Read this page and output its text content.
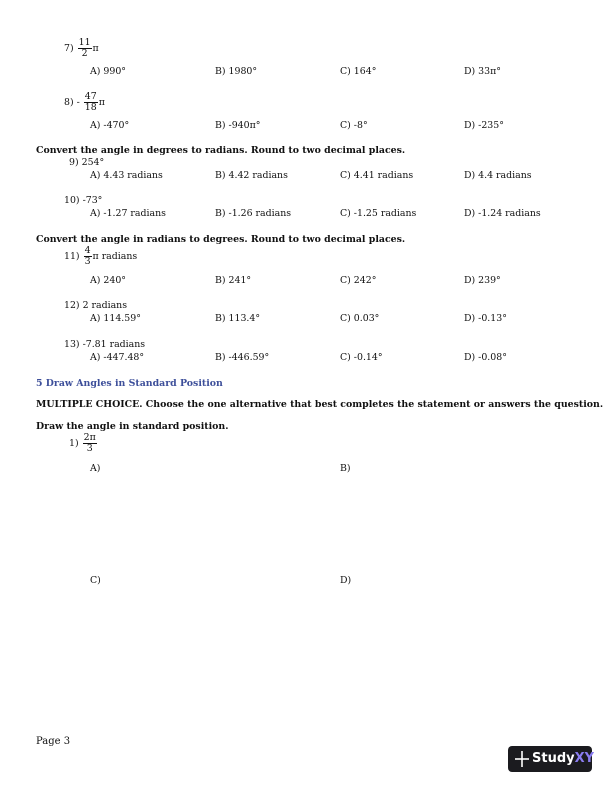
$7) \frac{11}{2}$ π
A) 990°	B) 1980°	C) 164°	D) 33π°
$8) - \frac{47}{18}$ π
A) -470°	B) -940π°	C) -8°	D) -235°
Convert the angle in degrees to radians. Round to two decimal places.
9) 254°
A) 4.43 radians	B) 4.42 radians	C) 4.41 radians	D) 4.4 radians
10) -73°
A) -1.27 radians	B) -1.26 radians	C) -1.25 radians	D) -1.24 radians
Convert the angle in radians to degrees. Round to two decimal places.
$11) \frac{4}{3}$ π radians
A) 240°	B) 241°	C) 242°	D) 239°
12) 2 radians
A) 114.59°	B) 113.4°	C) 0.03°	D) -0.13°
13) -7.81 radians
A) -447.48°	B) -446.59°	C) -0.14°	D) -0.08°
5 Draw Angles in Standard Position
MULTIPLE CHOICE. Choose the one alternative that best completes the statement or answers the question.
Draw the angle in standard position.
$1) \frac{2\pi}{3}$
A)	B)
C)	D)
Page 3
StudyXY
